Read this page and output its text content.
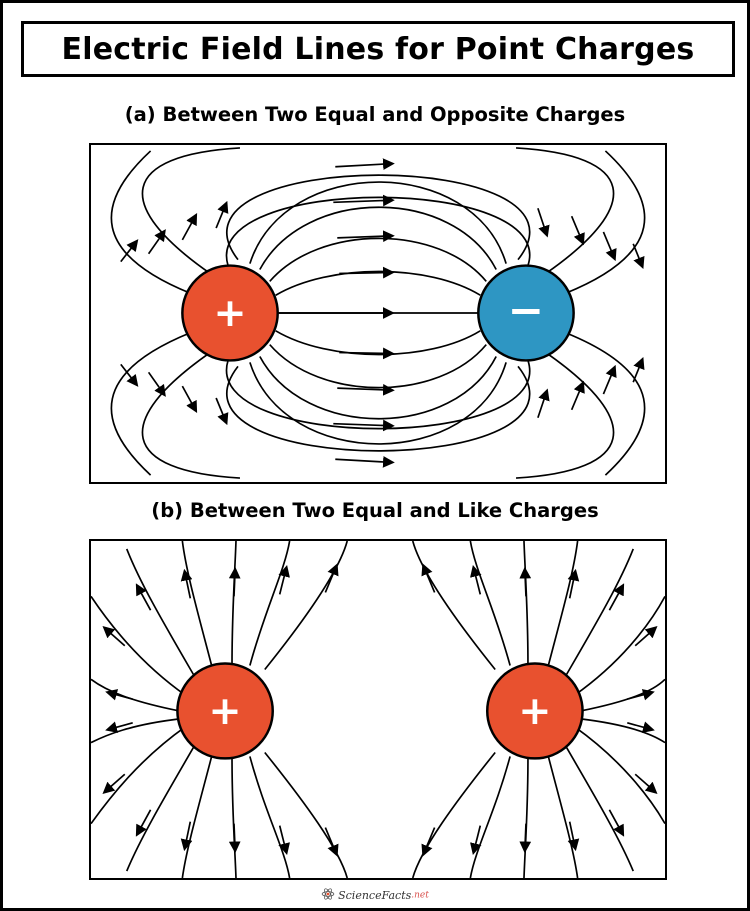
Electric Field Lines for Point Charges
(a) Between Two Equal and Opposite Charges
+	−
(b) Between Two Equal and Like Charges
+	+
ScienceFacts.net
